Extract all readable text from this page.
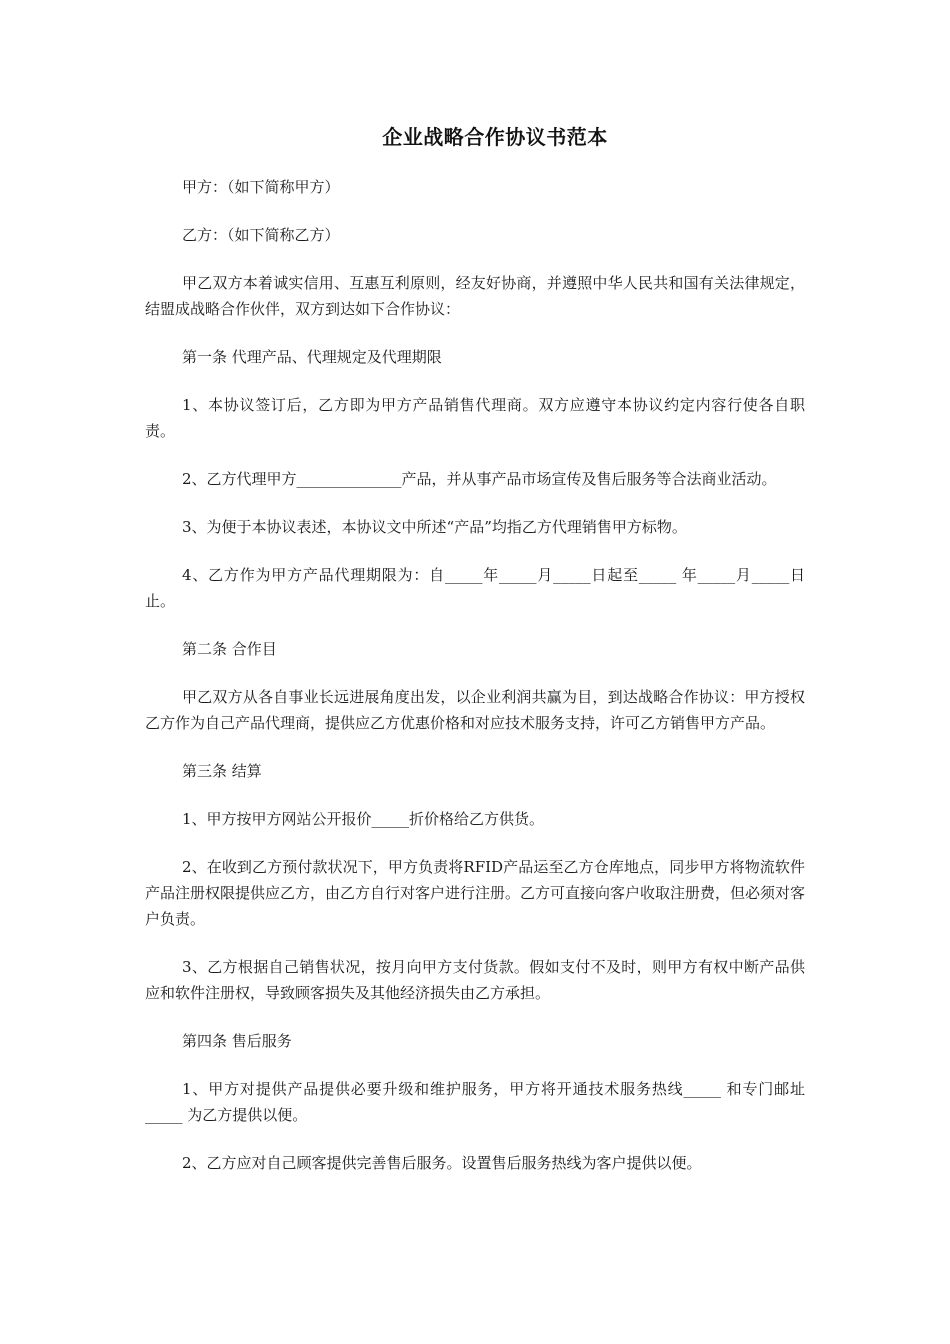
企业战略合作协议书范本

甲方：（如下简称甲方）

乙方：（如下简称乙方）

甲乙双方本着诚实信用、互惠互利原则，经友好协商，并遵照中华人民共和国有关法律规定，结盟成战略合作伙伴，双方到达如下合作协议：

第一条 代理产品、代理规定及代理期限

1、本协议签订后，乙方即为甲方产品销售代理商。双方应遵守本协议约定内容行使各自职责。

2、乙方代理甲方______________产品，并从事产品市场宣传及售后服务等合法商业活动。

3、为便于本协议表述，本协议文中所述“产品”均指乙方代理销售甲方标物。

4、乙方作为甲方产品代理期限为：自_____年_____月_____日起至_____ 年_____月_____日止。

第二条 合作目

甲乙双方从各自事业长远进展角度出发，以企业利润共赢为目，到达战略合作协议：甲方授权乙方作为自己产品代理商，提供应乙方优惠价格和对应技术服务支持，许可乙方销售甲方产品。

第三条 结算

1、甲方按甲方网站公开报价_____折价格给乙方供货。

2、在收到乙方预付款状况下，甲方负责将RFID产品运至乙方仓库地点，同步甲方将物流软件产品注册权限提供应乙方，由乙方自行对客户进行注册。乙方可直接向客户收取注册费，但必须对客户负责。

3、乙方根据自己销售状况，按月向甲方支付货款。假如支付不及时，则甲方有权中断产品供应和软件注册权，导致顾客损失及其他经济损失由乙方承担。

第四条 售后服务

1、甲方对提供产品提供必要升级和维护服务，甲方将开通技术服务热线_____ 和专门邮址_____ 为乙方提供以便。

2、乙方应对自己顾客提供完善售后服务。设置售后服务热线为客户提供以便。
